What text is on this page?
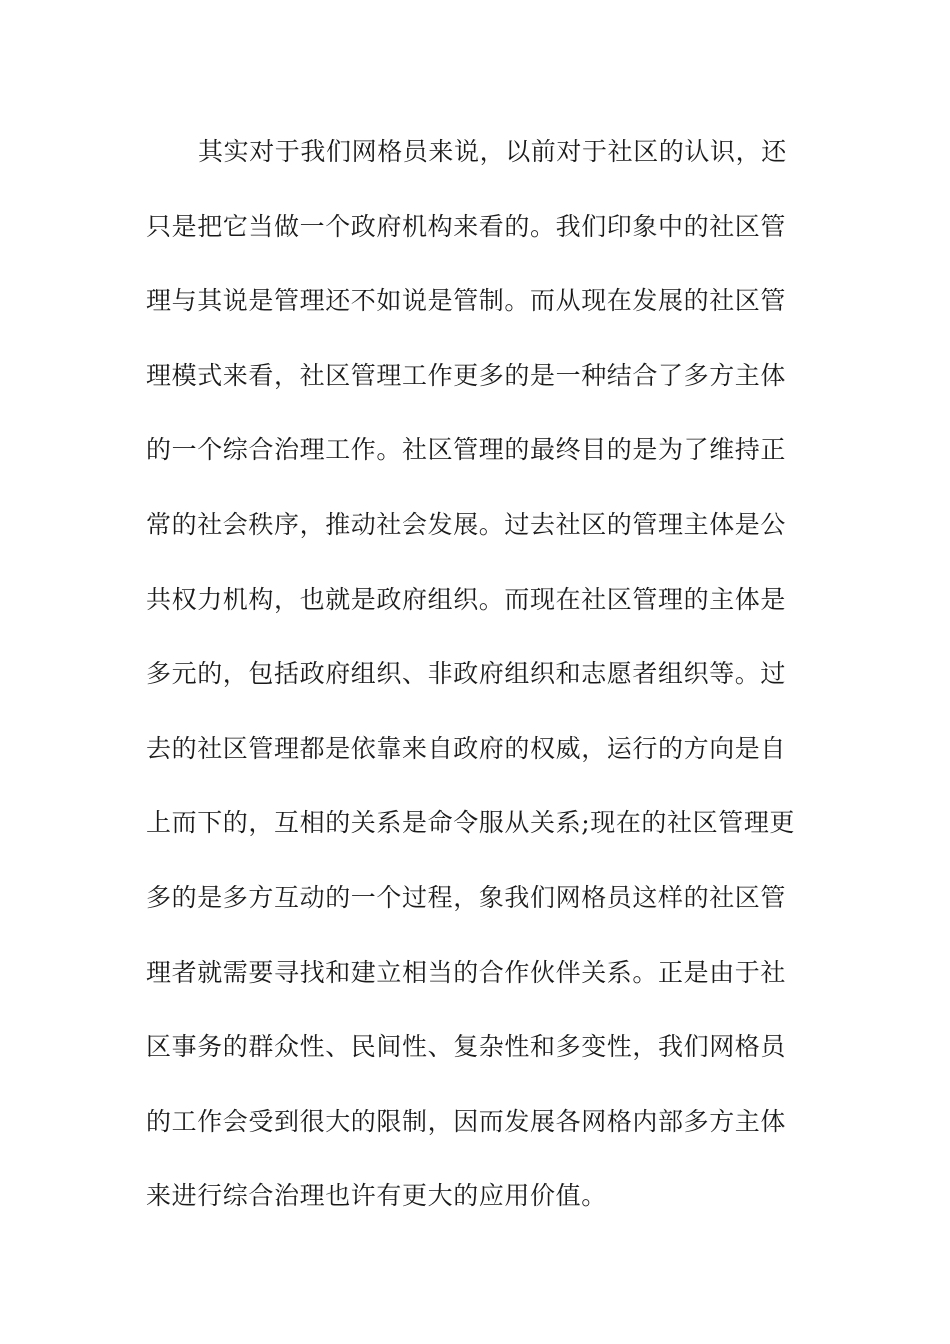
其实对于我们网格员来说，以前对于社区的认识，还
只是把它当做一个政府机构来看的。我们印象中的社区管
理与其说是管理还不如说是管制。而从现在发展的社区管
理模式来看，社区管理工作更多的是一种结合了多方主体
的一个综合治理工作。社区管理的最终目的是为了维持正
常的社会秩序，推动社会发展。过去社区的管理主体是公
共权力机构，也就是政府组织。而现在社区管理的主体是
多元的，包括政府组织、非政府组织和志愿者组织等。过
去的社区管理都是依靠来自政府的权威，运行的方向是自
上而下的，互相的关系是命令服从关系;现在的社区管理更
多的是多方互动的一个过程，象我们网格员这样的社区管
理者就需要寻找和建立相当的合作伙伴关系。正是由于社
区事务的群众性、民间性、复杂性和多变性，我们网格员
的工作会受到很大的限制，因而发展各网格内部多方主体
来进行综合治理也许有更大的应用价值。
